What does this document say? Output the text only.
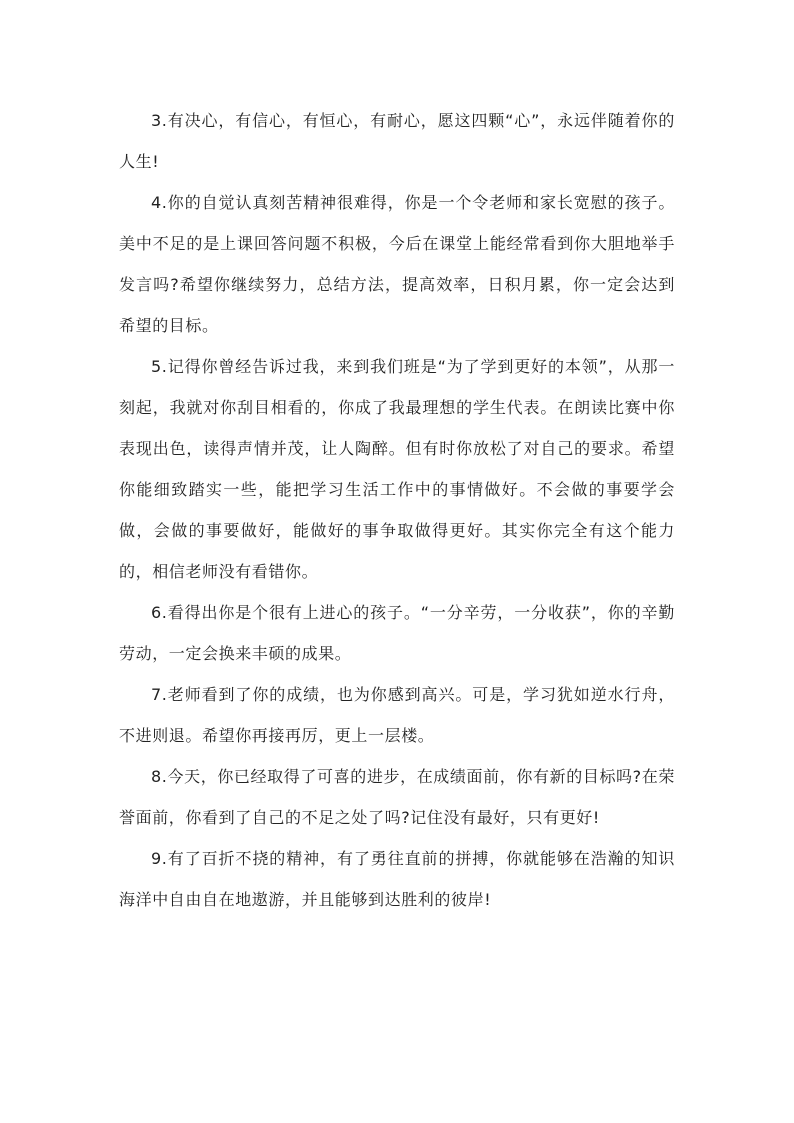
3.有决心，有信心，有恒心，有耐心，愿这四颗“心”，永远伴随着你的人生!

4.你的自觉认真刻苦精神很难得，你是一个令老师和家长宽慰的孩子。美中不足的是上课回答问题不积极，今后在课堂上能经常看到你大胆地举手发言吗?希望你继续努力，总结方法，提高效率，日积月累，你一定会达到希望的目标。

5.记得你曾经告诉过我，来到我们班是“为了学到更好的本领”，从那一刻起，我就对你刮目相看的，你成了我最理想的学生代表。在朗读比赛中你表现出色，读得声情并茂，让人陶醉。但有时你放松了对自己的要求。希望你能细致踏实一些，能把学习生活工作中的事情做好。不会做的事要学会做，会做的事要做好，能做好的事争取做得更好。其实你完全有这个能力的，相信老师没有看错你。

6.看得出你是个很有上进心的孩子。“一分辛劳，一分收获”，你的辛勤劳动，一定会换来丰硕的成果。

7.老师看到了你的成绩，也为你感到高兴。可是，学习犹如逆水行舟，不进则退。希望你再接再厉，更上一层楼。

8.今天，你已经取得了可喜的进步，在成绩面前，你有新的目标吗?在荣誉面前，你看到了自己的不足之处了吗?记住没有最好，只有更好!

9.有了百折不挠的精神，有了勇往直前的拼搏，你就能够在浩瀚的知识海洋中自由自在地遨游，并且能够到达胜利的彼岸!
